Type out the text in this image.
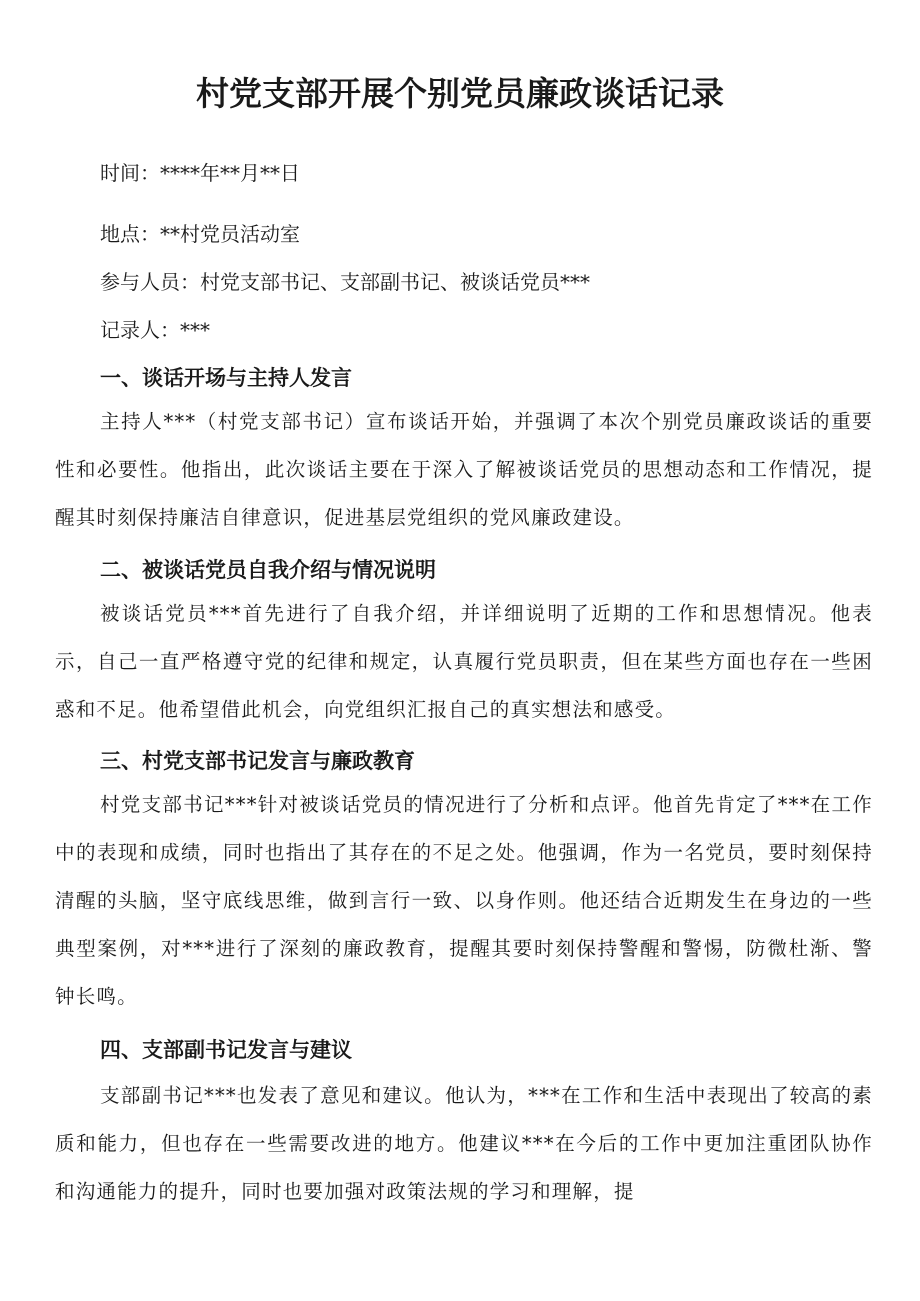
村党支部开展个别党员廉政谈话记录

时间：****年**月**日

地点：**村党员活动室

参与人员：村党支部书记、支部副书记、被谈话党员***

记录人：***

一、谈话开场与主持人发言

主持人***（村党支部书记）宣布谈话开始，并强调了本次个别党员廉政谈话的重要性和必要性。他指出，此次谈话主要在于深入了解被谈话党员的思想动态和工作情况，提醒其时刻保持廉洁自律意识，促进基层党组织的党风廉政建设。

二、被谈话党员自我介绍与情况说明

被谈话党员***首先进行了自我介绍，并详细说明了近期的工作和思想情况。他表示，自己一直严格遵守党的纪律和规定，认真履行党员职责，但在某些方面也存在一些困惑和不足。他希望借此机会，向党组织汇报自己的真实想法和感受。

三、村党支部书记发言与廉政教育

村党支部书记***针对被谈话党员的情况进行了分析和点评。他首先肯定了***在工作中的表现和成绩，同时也指出了其存在的不足之处。他强调，作为一名党员，要时刻保持清醒的头脑，坚守底线思维，做到言行一致、以身作则。他还结合近期发生在身边的一些典型案例，对***进行了深刻的廉政教育，提醒其要时刻保持警醒和警惕，防微杜渐、警钟长鸣。

四、支部副书记发言与建议

支部副书记***也发表了意见和建议。他认为，***在工作和生活中表现出了较高的素质和能力，但也存在一些需要改进的地方。他建议***在今后的工作中更加注重团队协作和沟通能力的提升，同时也要加强对政策法规的学习和理解，提
